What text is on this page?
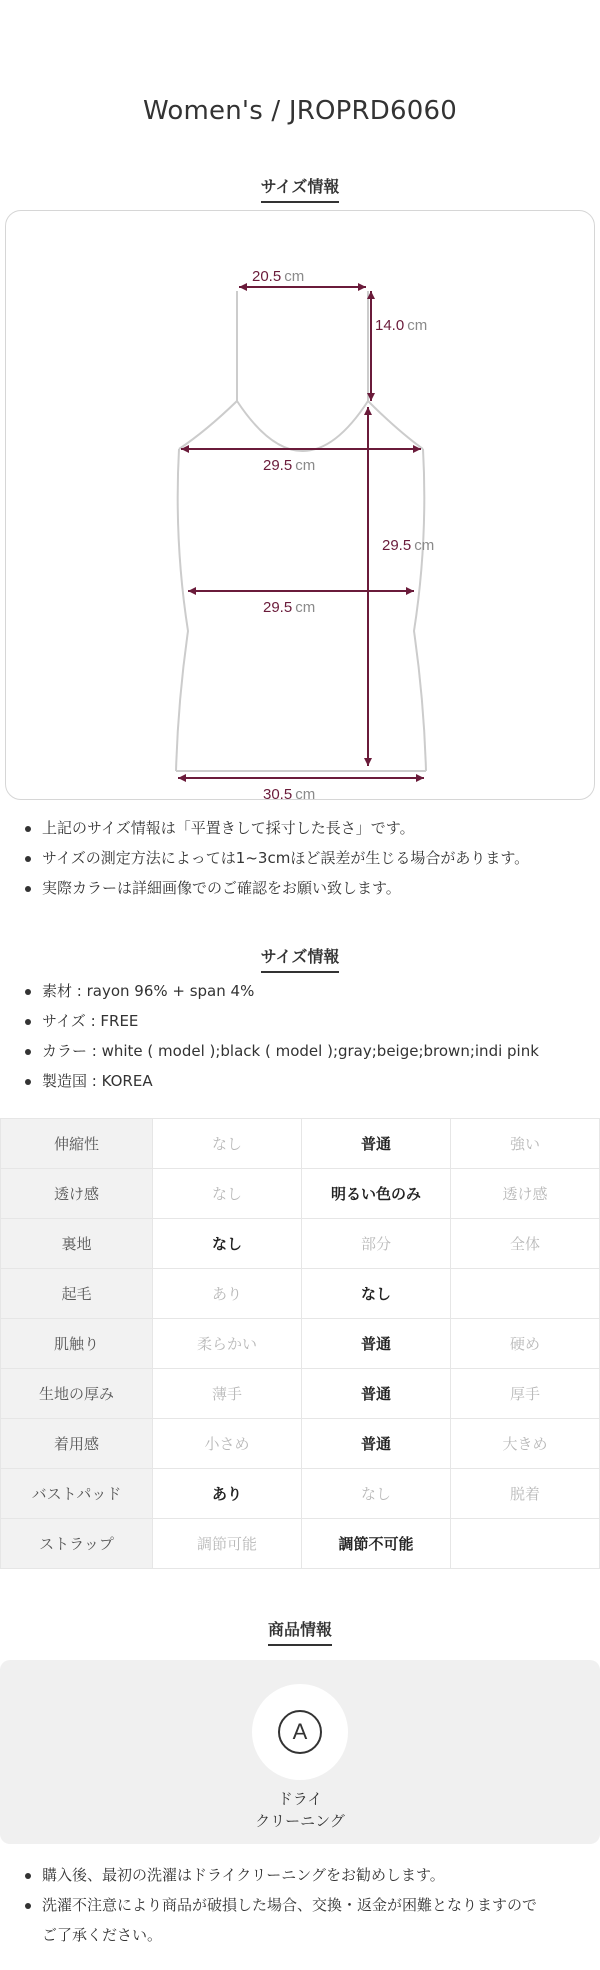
Women's / JROPRD6060
サイズ情報
20.5 cm
14.0 cm
29.5 cm
29.5 cm
29.5 cm
30.5 cm
上記のサイズ情報は「平置きして採寸した長さ」です。
サイズの測定方法によっては1~3cmほど誤差が生じる場合があります。
実際カラーは詳細画像でのご確認をお願い致します。
サイズ情報
素材 : rayon 96% + span 4%
サイズ : FREE
カラー : white ( model );black ( model );gray;beige;brown;indi pink
製造国 : KOREA
伸縮性	なし	普通	強い
透け感	なし	明るい色のみ	透け感
裏地	なし	部分	全体
起毛	あり	なし	
肌触り	柔らかい	普通	硬め
生地の厚み	薄手	普通	厚手
着用感	小さめ	普通	大きめ
バストパッド	あり	なし	脱着
ストラップ	調節可能	調節不可能	
商品情報
A
ドライ
クリーニング
購入後、最初の洗濯はドライクリーニングをお勧めします。
洗濯不注意により商品が破損した場合、交換・返金が困難となりますので
ご了承ください。
